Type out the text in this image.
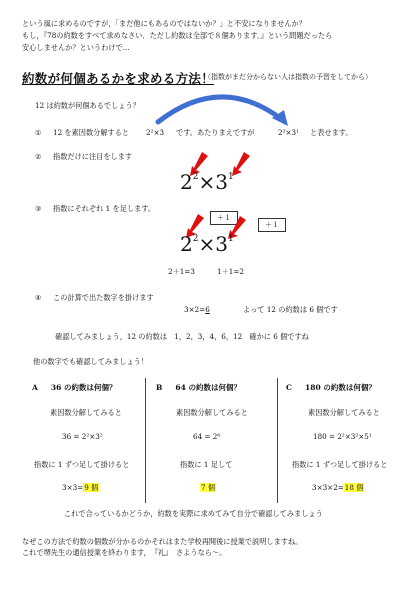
という風に求めるのですが，「まだ他にもあるのではないか？」と不安になりませんか？
もし，『78の約数をすべて求めなさい．ただし約数は全部で８個あります．』という問題だったら
安心しませんか？というわけで…
約数が何個あるかを求める方法！
（指数がまだ分からない人は指数の予習をしてから）
12 は約数が何個あるでしょう？
① 12 を素因数分解すると 2²×3 です。あたりまえですが	2²×3¹ と表せます。
② 指数だけに注目をします
$2^2\times 3^1$
③ 指数にそれぞれ 1 を足します。
＋１
＋１
$2^2\times 3^1$
2＋1=3	1＋1=2
④ この計算で出た数字を掛けます
3×2=6	よって 12 の約数は 6 個です
確認してみましょう，12 の約数は　1，2，3，4，6，12　確かに 6 個ですね
他の数字でも確認してみましょう！
A 36 の約数は何個？
素因数分解してみると
36 = 2²×3²
指数に 1 ずつ足して掛けると
3×3=9 個
B 64 の約数は何個？
素因数分解してみると
64 = 2⁶
指数に 1 足して
7 個
C 180 の約数は何個？
素因数分解してみると
180 = 2²×3²×5¹
指数に 1 ずつ足して掛けると
3×3×2=18 個
これで合っているかどうか，約数を実際に求めてみて自分で確認してみましょう
なぜこの方法で約数の個数が分かるのかそれはまた学校再開後に授業で説明しますね。
これで堺先生の通信授業を終わります，　『礼』　さようなら～。
